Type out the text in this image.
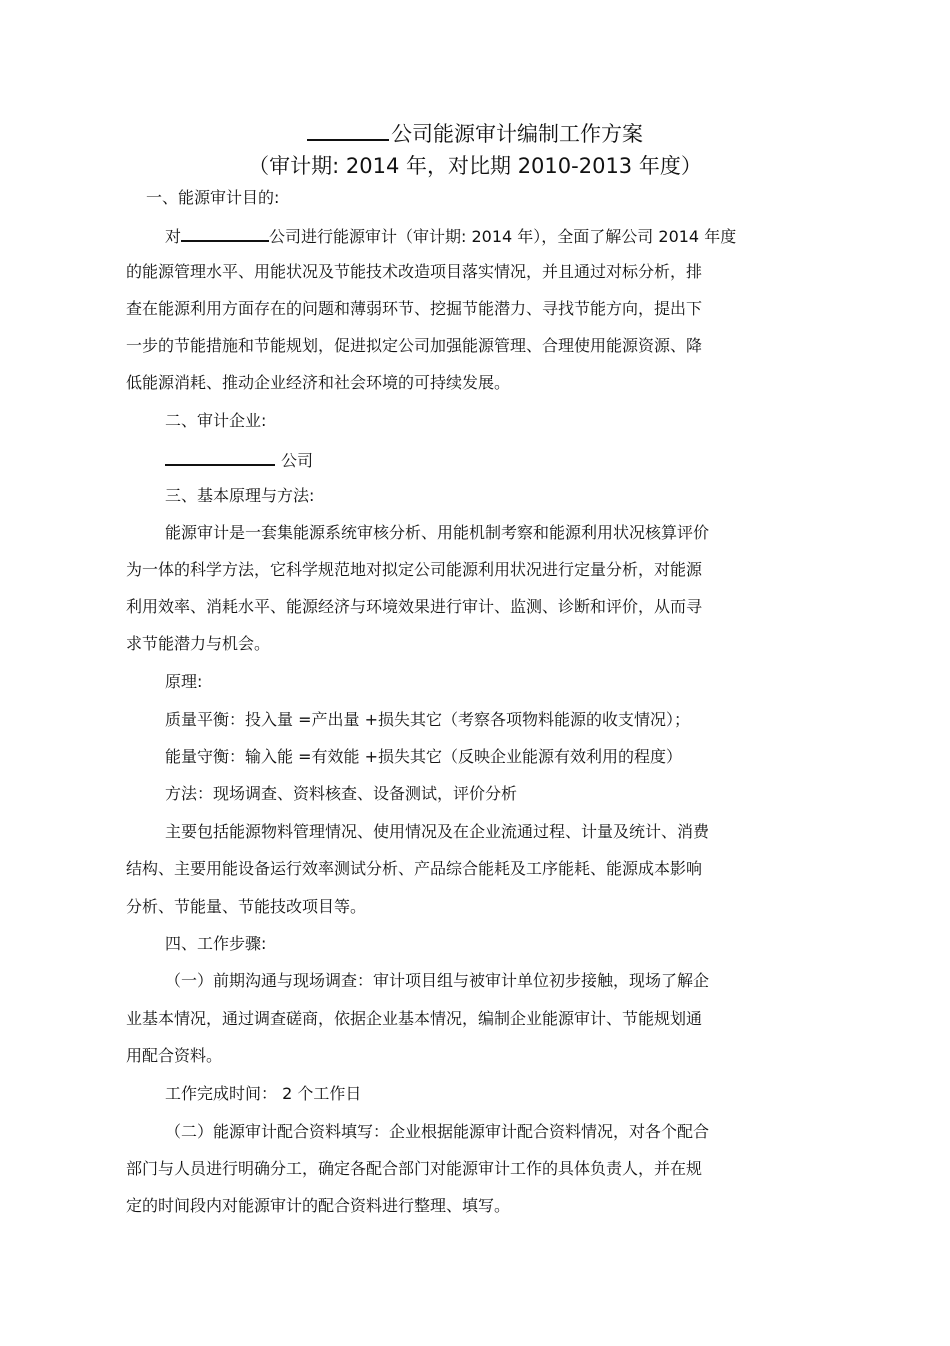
公司能源审计编制工作方案
（审计期: 2014 年，对比期 2010-2013 年度）
一、能源审计目的:
对	公司进行能源审计（审计期: 2014 年），全面了解公司 2014 年度
的能源管理水平、用能状况及节能技术改造项目落实情况，并且通过对标分析，排
查在能源利用方面存在的问题和薄弱环节、挖掘节能潜力、寻找节能方向，提出下
一步的节能措施和节能规划，促进拟定公司加强能源管理、合理使用能源资源、降
低能源消耗、推动企业经济和社会环境的可持续发展。
二、审计企业:
公司
三、基本原理与方法:
能源审计是一套集能源系统审核分析、用能机制考察和能源利用状况核算评价
为一体的科学方法，它科学规范地对拟定公司能源利用状况进行定量分析，对能源
利用效率、消耗水平、能源经济与环境效果进行审计、监测、诊断和评价，从而寻
求节能潜力与机会。
原理:
质量平衡：投入量 =产出量 +损失其它（考察各项物料能源的收支情况）；
能量守衡：输入能 =有效能 +损失其它（反映企业能源有效利用的程度）
方法：现场调查、资料核查、设备测试，评价分析
主要包括能源物料管理情况、使用情况及在企业流通过程、计量及统计、消费
结构、主要用能设备运行效率测试分析、产品综合能耗及工序能耗、能源成本影响
分析、节能量、节能技改项目等。
四、工作步骤:
（一）前期沟通与现场调查：审计项目组与被审计单位初步接触，现场了解企
业基本情况，通过调查磋商，依据企业基本情况，编制企业能源审计、节能规划通
用配合资料。
工作完成时间： 2 个工作日
（二）能源审计配合资料填写：企业根据能源审计配合资料情况，对各个配合
部门与人员进行明确分工，确定各配合部门对能源审计工作的具体负责人，并在规
定的时间段内对能源审计的配合资料进行整理、填写。
